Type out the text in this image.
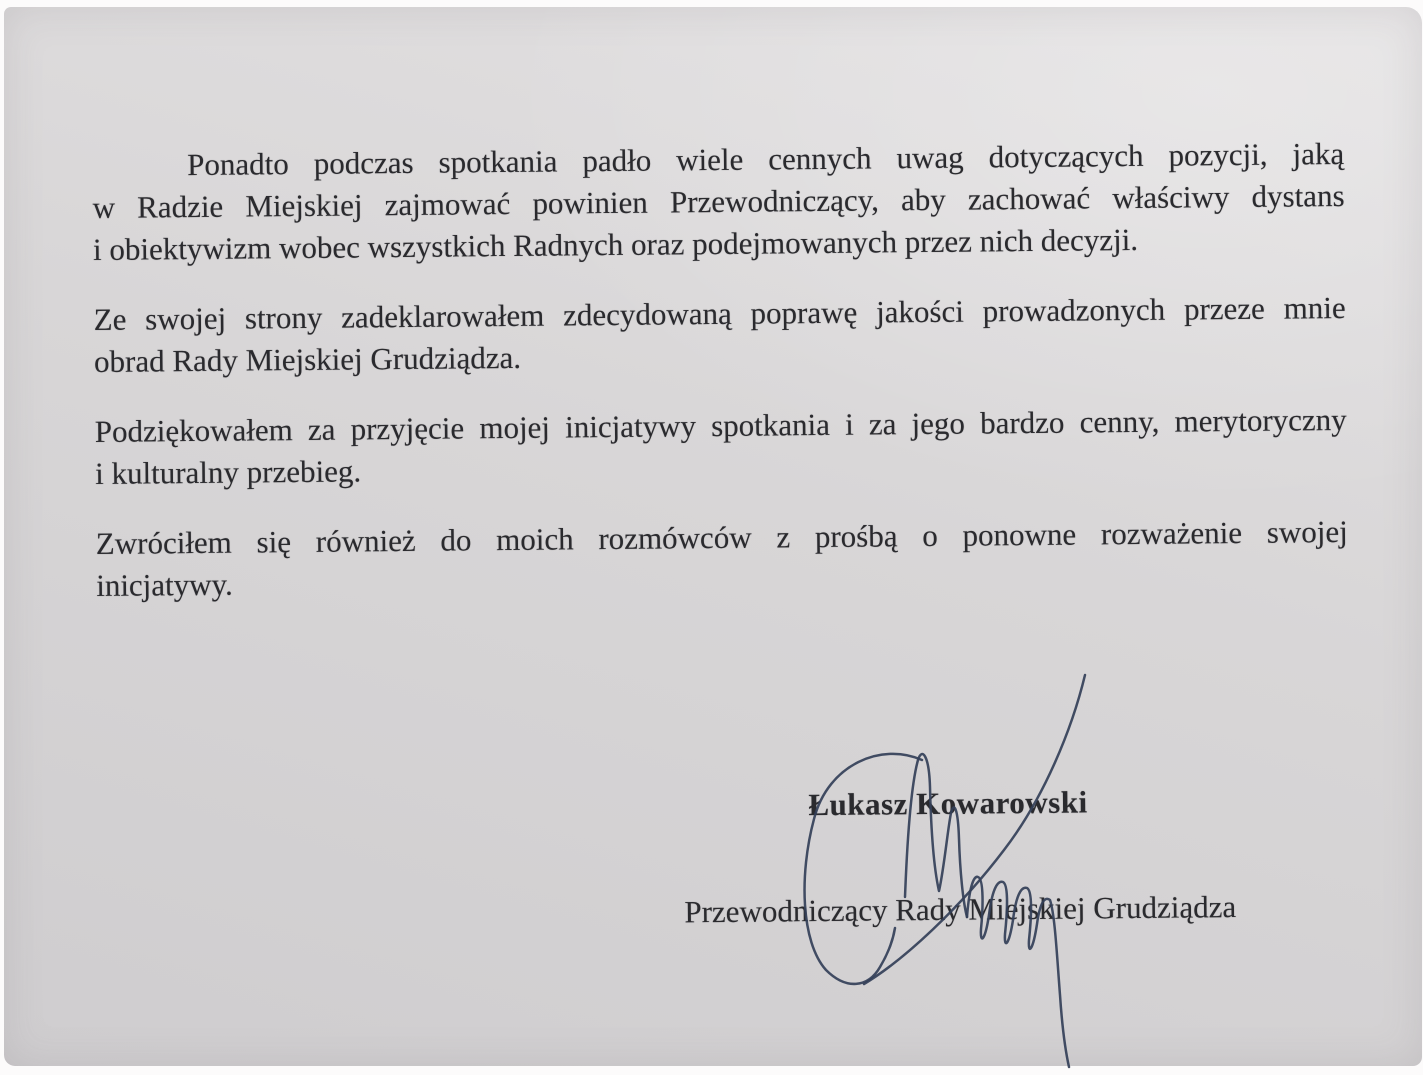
Ponadto podczas spotkania padło wiele cennych uwag dotyczących pozycji, jaką
w Radzie Miejskiej zajmować powinien Przewodniczący, aby zachować właściwy dystans
i obiektywizm wobec wszystkich Radnych oraz podejmowanych przez nich decyzji.
Ze swojej strony zadeklarowałem zdecydowaną poprawę jakości prowadzonych przeze mnie
obrad Rady Miejskiej Grudziądza.
Podziękowałem za przyjęcie mojej inicjatywy spotkania i za jego bardzo cenny, merytoryczny
i kulturalny przebieg.
Zwróciłem się również do moich rozmówców z prośbą o ponowne rozważenie swojej
inicjatywy.
Łukasz Kowarowski
Przewodniczący Rady Miejskiej Grudziądza
